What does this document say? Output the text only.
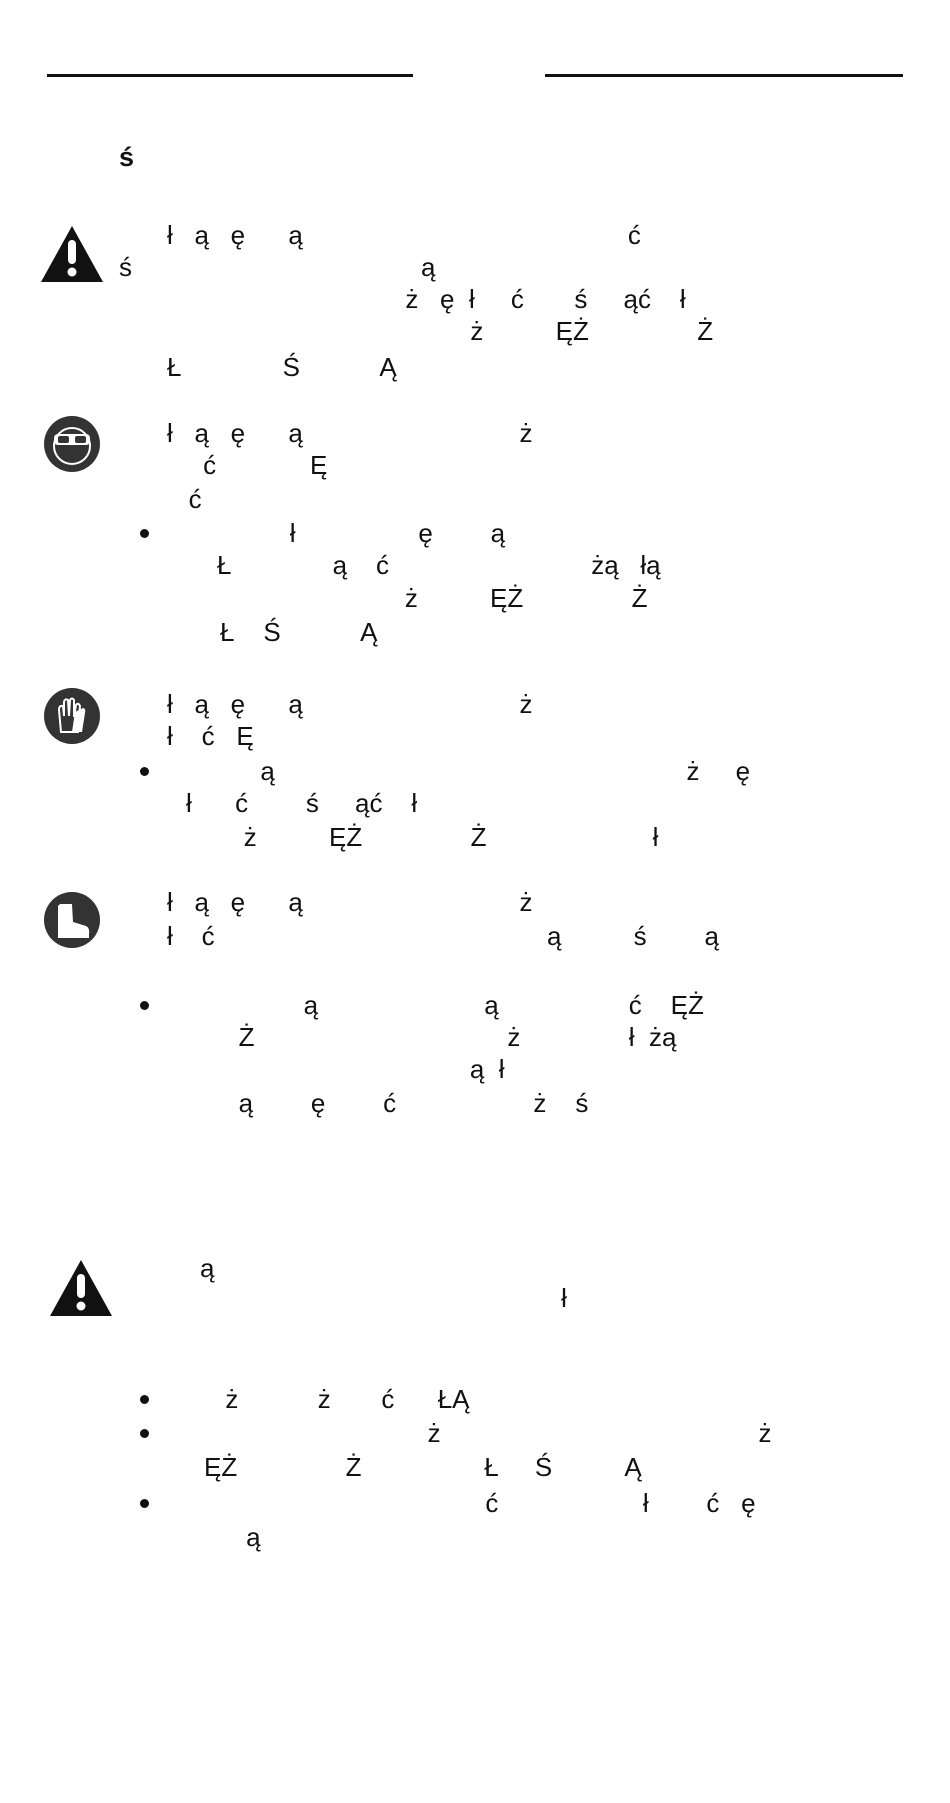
ś
ł   ą   ę      ą                                             ć
ś                                        ą
ż   ę  ł     ć       ś     ąć    ł
ż          ĘŻ               Ż
Ł              Ś           Ą
ł   ą   ę      ą                              ż
ć             Ę
ć
ł                 ę        ą
Ł              ą    ć                            żą   łą
ż          ĘŻ               Ż
Ł    Ś           Ą
ł   ą   ę      ą                              ż
ł    ć   Ę
ą                                                         ż     ę
ł      ć        ś     ąć    ł
ż          ĘŻ               Ż                       ł
ł   ą   ę      ą                              ż
ł    ć                                              ą          ś        ą
ą                       ą                  ć    ĘŻ
Ż                                   ż               ł  żą
ą  ł
ą        ę        ć                   ż    ś
ą
ł
ż           ż       ć      ŁĄ
ż                                            ż
ĘŻ               Ż                 Ł     Ś          Ą
ć                    ł        ć   ę
ą
